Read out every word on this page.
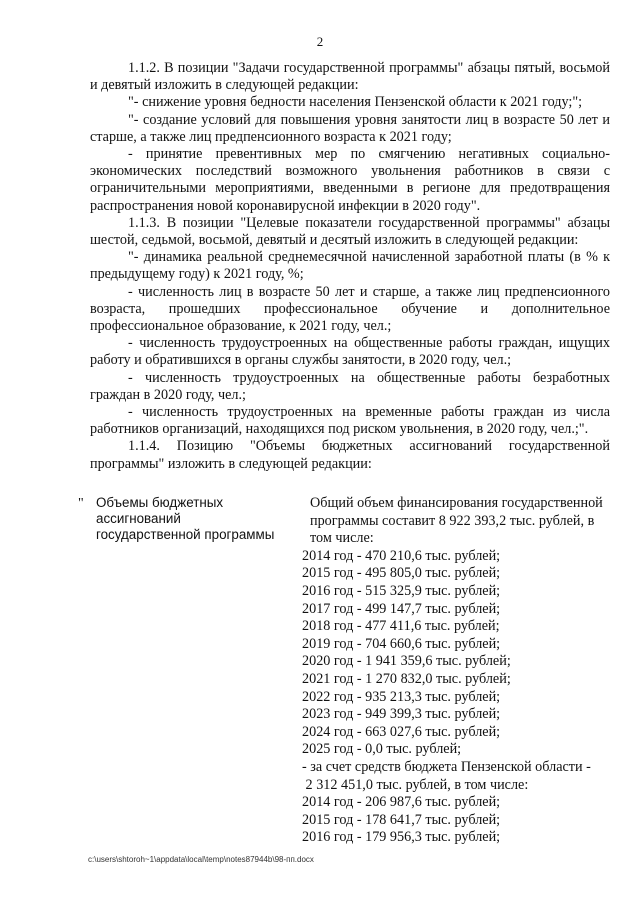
2

1.1.2. В позиции "Задачи государственной программы" абзацы пятый, восьмой и девятый изложить в следующей редакции:

"- снижение уровня бедности населения Пензенской области к 2021 году;";

"- создание условий для повышения уровня занятости лиц в возрасте 50 лет и старше, а также лиц предпенсионного возраста к 2021 году;

- принятие превентивных мер по смягчению негативных социально-экономических последствий возможного увольнения работников в связи с ограничительными мероприятиями, введенными в регионе для предотвращения распространения новой коронавирусной инфекции в 2020 году".

1.1.3. В позиции "Целевые показатели государственной программы" абзацы шестой, седьмой, восьмой, девятый и десятый изложить в следующей редакции:

"- динамика реальной среднемесячной начисленной заработной платы (в % к предыдущему году) к 2021 году, %;

- численность лиц в возрасте 50 лет и старше, а также лиц предпенсионного возраста, прошедших профессиональное обучение и дополнительное профессиональное образование, к 2021 году, чел.;

- численность трудоустроенных на общественные работы граждан, ищущих работу и обратившихся в органы службы занятости, в 2020 году, чел.;

- численность трудоустроенных на общественные работы безработных граждан в 2020 году, чел.;

- численность трудоустроенных на временные работы граждан из числа работников организаций, находящихся под риском увольнения, в 2020 году, чел.;".

1.1.4. Позицию "Объемы бюджетных ассигнований государственной программы" изложить в следующей редакции:

" Объемы бюджетных ассигнований государственной программы

Общий объем финансирования государственной программы составит 8 922 393,2 тыс. рублей, в том числе:

2014 год - 470 210,6 тыс. рублей;

2015 год - 495 805,0 тыс. рублей;

2016 год - 515 325,9 тыс. рублей;

2017 год - 499 147,7 тыс. рублей;

2018 год - 477 411,6 тыс. рублей;

2019 год - 704 660,6 тыс. рублей;

2020 год - 1 941 359,6 тыс. рублей;

2021 год - 1 270 832,0 тыс. рублей;

2022 год - 935 213,3 тыс. рублей;

2023 год - 949 399,3 тыс. рублей;

2024 год - 663 027,6 тыс. рублей;

2025 год - 0,0 тыс. рублей;

- за счет средств бюджета Пензенской области -

2 312 451,0 тыс. рублей, в том числе:

2014 год - 206 987,6 тыс. рублей;

2015 год - 178 641,7 тыс. рублей;

2016 год - 179 956,3 тыс. рублей;

c:\users\shtoroh~1\appdata\local\temp\notes87944b\98-пп.docx
